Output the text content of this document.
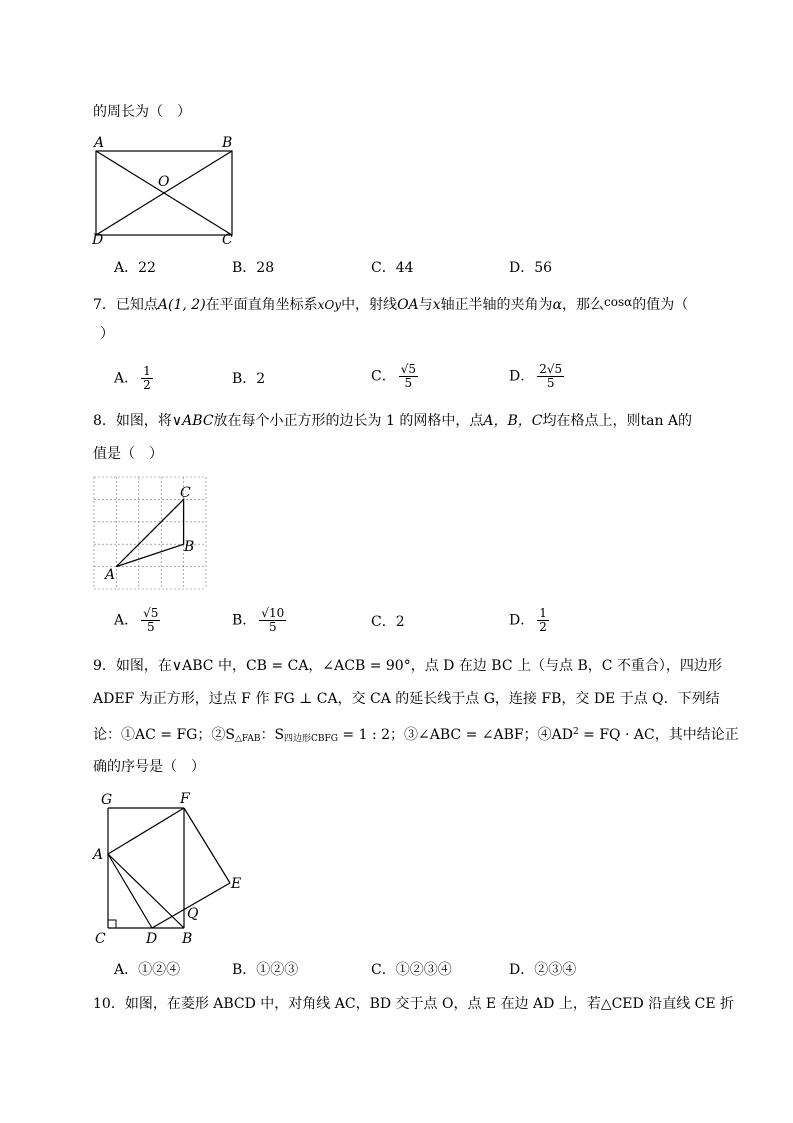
的周长为（　）
A	B
O
D	C
A．22	B．28	C．44	D．56
7．已知点A(1, 2)在平面直角坐标系xOy中，射线OA与x轴正半轴的夹角为α，那么cosα的值为（
）
A． $\frac{1}{2}$	B．2	C． $\frac{√5}{5}$	D． $\frac{2√5}{5}$
8．如图，将∨ABC放在每个小正方形的边长为 1 的网格中，点A，B，C均在格点上，则tan A的
值是（　）
C
B
A
A． $\frac{√5}{5}$	B． $\frac{√10}{5}$	C．2	D． $\frac{1}{2}$
9．如图，在∨ABC 中，CB = CA，∠ACB = 90°，点 D 在边 BC 上（与点 B，C 不重合），四边形
ADEF 为正方形，过点 F 作 FG ⊥ CA，交 CA 的延长线于点 G，连接 FB，交 DE 于点 Q．下列结
论：①AC = FG；$②S_{\triangle FAB}$：$S_{四边形CBFG} = 1$ : 2；③∠ABC = ∠ABF；$④AD^2$ = FQ · AC，其中结论正
确的序号是（　）
G	F
A
E
Q
C	D B
A．①②④	B．①②③	C．①②③④	D．②③④
10．如图，在菱形 ABCD 中，对角线 AC，BD 交于点 O，点 E 在边 AD 上，若△CED 沿直线 CE 折
